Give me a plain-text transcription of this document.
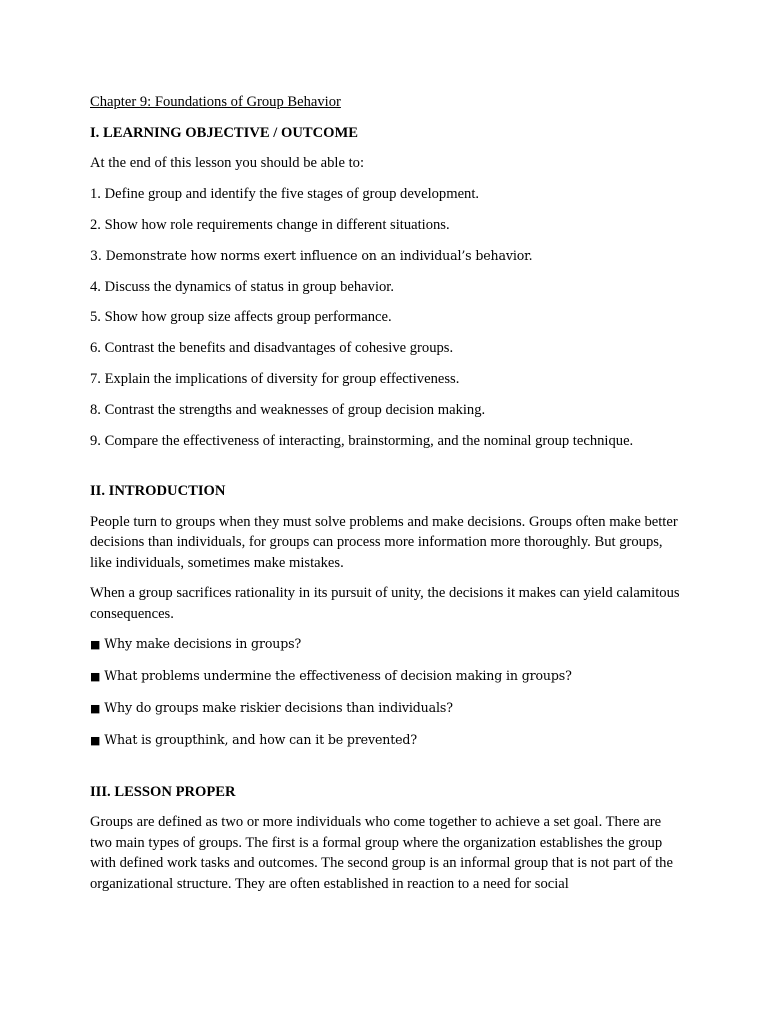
Chapter 9: Foundations of Group Behavior

I. LEARNING OBJECTIVE / OUTCOME

At the end of this lesson you should be able to:

1. Define group and identify the five stages of group development.

2. Show how role requirements change in different situations.

3. Demonstrate how norms exert influence on an individual’s behavior.

4. Discuss the dynamics of status in group behavior.

5. Show how group size affects group performance.

6. Contrast the benefits and disadvantages of cohesive groups.

7. Explain the implications of diversity for group effectiveness.

8. Contrast the strengths and weaknesses of group decision making.

9. Compare the effectiveness of interacting, brainstorming, and the nominal group technique.

II. INTRODUCTION

People turn to groups when they must solve problems and make decisions. Groups often make better decisions than individuals, for groups can process more information more thoroughly. But groups, like individuals, sometimes make mistakes.

When a group sacrifices rationality in its pursuit of unity, the decisions it makes can yield calamitous consequences.

■ Why make decisions in groups?

■ What problems undermine the effectiveness of decision making in groups?

■ Why do groups make riskier decisions than individuals?

■ What is groupthink, and how can it be prevented?

III. LESSON PROPER

Groups are defined as two or more individuals who come together to achieve a set goal. There are two main types of groups. The first is a formal group where the organization establishes the group with defined work tasks and outcomes. The second group is an informal group that is not part of the organizational structure. They are often established in reaction to a need for social
